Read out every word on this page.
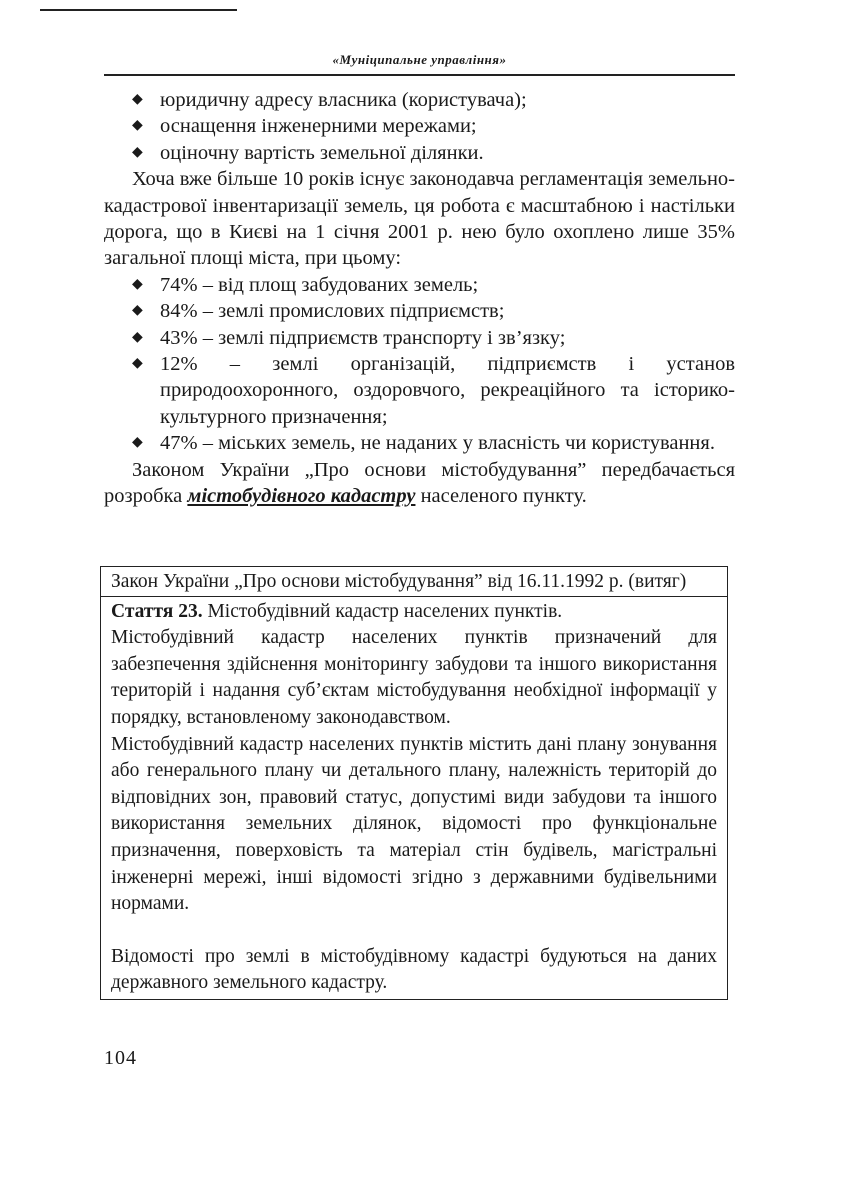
«Муніципальне управління»
◆ юридичну адресу власника (користувача);
◆ оснащення інженерними мережами;
◆ оціночну вартість земельної ділянки.

Хоча вже більше 10 років існує законодавча регламентація земельно-кадастрової інвентаризації земель, ця робота є масштабною і настільки дорога, що в Києві на 1 січня 2001 р. нею було охоплено лише 35% загальної площі міста, при цьому:

◆ 74% – від площ забудованих земель;
◆ 84% – землі промислових підприємств;
◆ 43% – землі підприємств транспорту і зв’язку;
◆ 12% – землі організацій, підприємств і установ природоохоронного, оздоровчого, рекреаційного та історико-культурного призначення;
◆ 47% – міських земель, не наданих у власність чи користування.

Законом України „Про основи містобудування” передбачається розробка містобудівного кадастру населеного пункту.

Закон України „Про основи містобудування” від 16.11.1992 р. (витяг)

Стаття 23. Містобудівний кадастр населених пунктів.

Містобудівний кадастр населених пунктів призначений для забезпечення здійснення моніторингу забудови та іншого використання територій і надання суб’єктам містобудування необхідної інформації у порядку, встановленому законодавством.

Містобудівний кадастр населених пунктів містить дані плану зонування або генерального плану чи детального плану, належність територій до відповідних зон, правовий статус, допустимі види забудови та іншого використання земельних ділянок, відомості про функціональне призначення, поверховість та матеріал стін будівель, магістральні інженерні мережі, інші відомості згідно з державними будівельними нормами.

Відомості про землі в містобудівному кадастрі будуються на даних державного земельного кадастру.

104
